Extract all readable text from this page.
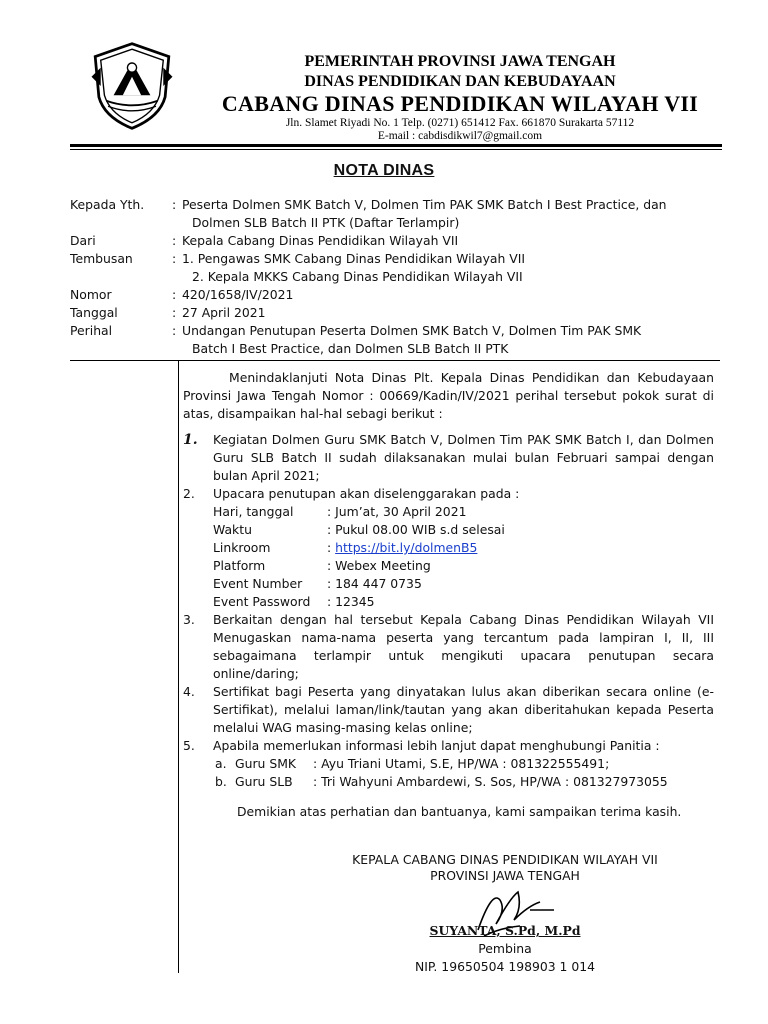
PEMERINTAH PROVINSI JAWA TENGAH
DINAS PENDIDIKAN DAN KEBUDAYAAN
CABANG DINAS PENDIDIKAN WILAYAH VII
Jln. Slamet Riyadi No. 1 Telp. (0271) 651412 Fax. 661870 Surakarta 57112
E-mail : cabdisdikwil7@gmail.com
NOTA DINAS
Kepada Yth.	: Peserta Dolmen SMK Batch V, Dolmen Tim PAK SMK Batch I Best Practice, dan
Dolmen SLB Batch II PTK (Daftar Terlampir)
Dari	: Kepala Cabang Dinas Pendidikan Wilayah VII
Tembusan	: 1. Pengawas SMK Cabang Dinas Pendidikan Wilayah VII
2. Kepala MKKS Cabang Dinas Pendidikan Wilayah VII
Nomor	: 420/1658/IV/2021
Tanggal	: 27 April 2021
Perihal	: Undangan Penutupan Peserta Dolmen SMK Batch V, Dolmen Tim PAK SMK
Batch I Best Practice, dan Dolmen SLB Batch II PTK
Menindaklanjuti Nota Dinas Plt. Kepala Dinas Pendidikan dan Kebudayaan Provinsi Jawa Tengah Nomor : 00669/Kadin/IV/2021 perihal tersebut pokok surat di atas, disampaikan hal-hal sebagi berikut :
1.	Kegiatan Dolmen Guru SMK Batch V, Dolmen Tim PAK SMK Batch I, dan Dolmen Guru SLB Batch II sudah dilaksanakan mulai bulan Februari sampai dengan bulan April 2021;
2.	Upacara penutupan akan diselenggarakan pada :
Hari, tanggal	: Jum’at, 30 April 2021
Waktu	: Pukul 08.00 WIB s.d selesai
Linkroom	: https://bit.ly/dolmenB5
Platform	: Webex Meeting
Event Number	: 184 447 0735
Event Password	: 12345
3.	Berkaitan dengan hal tersebut Kepala Cabang Dinas Pendidikan Wilayah VII Menugaskan nama-nama peserta yang tercantum pada lampiran I, II, III sebagaimana terlampir untuk mengikuti upacara penutupan secara online/daring;
4.	Sertifikat bagi Peserta yang dinyatakan lulus akan diberikan secara online (e-Sertifikat), melalui laman/link/tautan yang akan diberitahukan kepada Peserta melalui WAG masing-masing kelas online;
5.	Apabila memerlukan informasi lebih lanjut dapat menghubungi Panitia :
a. Guru SMK	: Ayu Triani Utami, S.E, HP/WA : 081322555491;
b. Guru SLB	: Tri Wahyuni Ambardewi, S. Sos, HP/WA : 081327973055
Demikian atas perhatian dan bantuanya, kami sampaikan terima kasih.
KEPALA CABANG DINAS PENDIDIKAN WILAYAH VII
PROVINSI JAWA TENGAH
SUYANTA, S.Pd, M.Pd
Pembina
NIP. 19650504 198903 1 014
